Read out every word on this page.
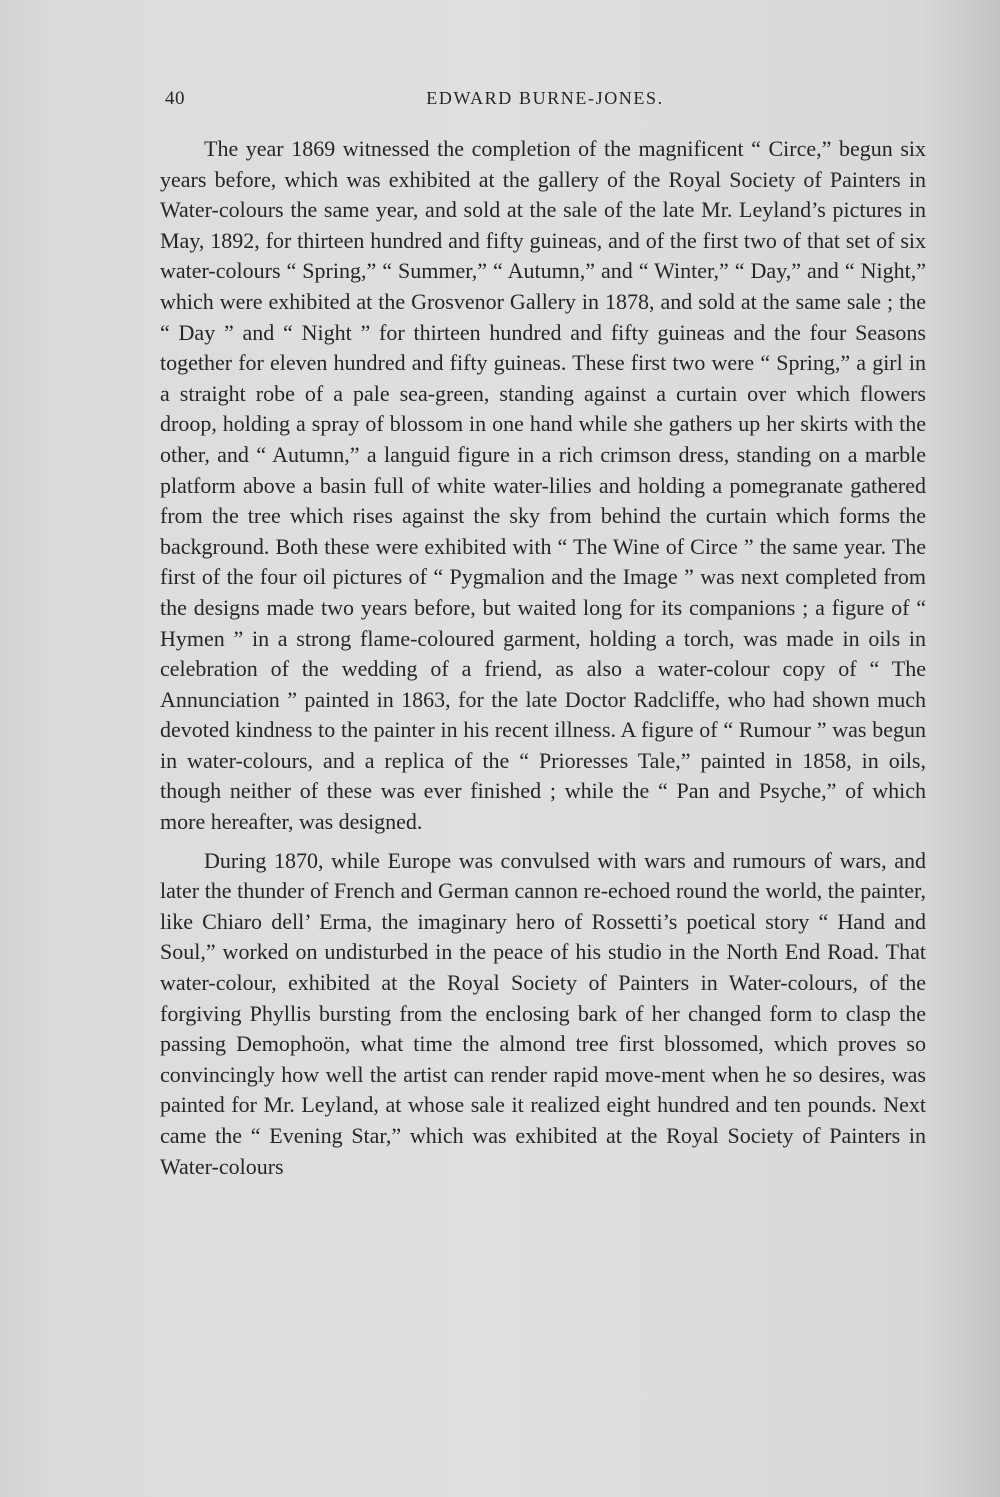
40	EDWARD BURNE-JONES.

The year 1869 witnessed the completion of the magnificent “ Circe,” begun six years before, which was exhibited at the gallery of the Royal Society of Painters in Water-colours the same year, and sold at the sale of the late Mr. Leyland’s pictures in May, 1892, for thirteen hundred and fifty guineas, and of the first two of that set of six water-colours “ Spring,” “ Summer,” “ Autumn,” and “ Winter,” “ Day,” and “ Night,” which were exhibited at the Grosvenor Gallery in 1878, and sold at the same sale ; the “ Day ” and “ Night ” for thirteen hundred and fifty guineas and the four Seasons together for eleven hundred and fifty guineas. These first two were “ Spring,” a girl in a straight robe of a pale sea-green, standing against a curtain over which flowers droop, holding a spray of blossom in one hand while she gathers up her skirts with the other, and “ Autumn,” a languid figure in a rich crimson dress, standing on a marble platform above a basin full of white water-lilies and holding a pomegranate gathered from the tree which rises against the sky from behind the curtain which forms the background. Both these were exhibited with “ The Wine of Circe ” the same year. The first of the four oil pictures of “ Pygmalion and the Image ” was next completed from the designs made two years before, but waited long for its companions ; a figure of “ Hymen ” in a strong flame-coloured garment, holding a torch, was made in oils in celebration of the wedding of a friend, as also a water-colour copy of “ The Annunciation ” painted in 1863, for the late Doctor Radcliffe, who had shown much devoted kindness to the painter in his recent illness. A figure of “ Rumour ” was begun in water-colours, and a replica of the “ Prioresses Tale,” painted in 1858, in oils, though neither of these was ever finished ; while the “ Pan and Psyche,” of which more hereafter, was designed.

During 1870, while Europe was convulsed with wars and rumours of wars, and later the thunder of French and German cannon re-echoed round the world, the painter, like Chiaro dell’ Erma, the imaginary hero of Rossetti’s poetical story “ Hand and Soul,” worked on undisturbed in the peace of his studio in the North End Road. That water-colour, exhibited at the Royal Society of Painters in Water-colours, of the forgiving Phyllis bursting from the enclosing bark of her changed form to clasp the passing Demophoön, what time the almond tree first blossomed, which proves so convincingly how well the artist can render rapid move-ment when he so desires, was painted for Mr. Leyland, at whose sale it realized eight hundred and ten pounds. Next came the “ Evening Star,” which was exhibited at the Royal Society of Painters in Water-colours
